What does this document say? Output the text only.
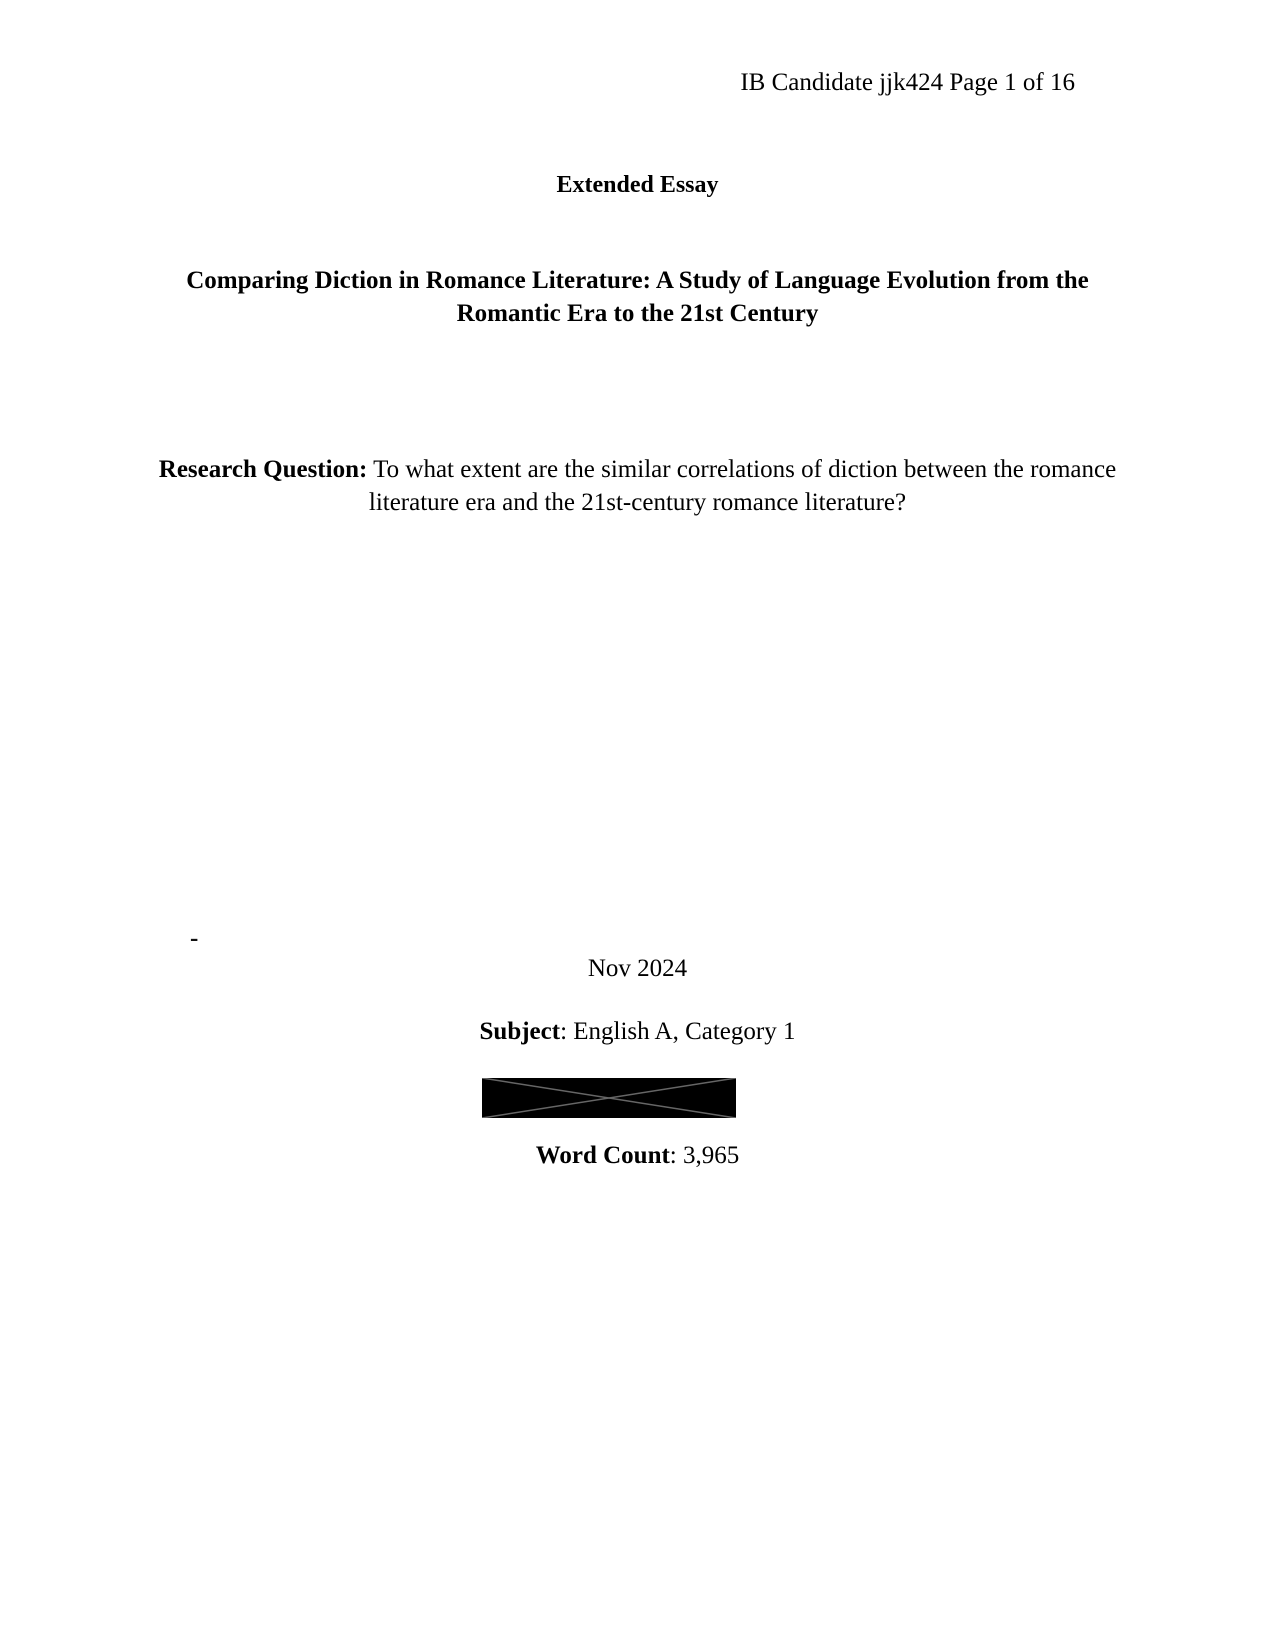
IB Candidate jjk424 Page 1 of 16
Extended Essay
Comparing Diction in Romance Literature: A Study of Language Evolution from the Romantic Era to the 21st Century
Research Question: To what extent are the similar correlations of diction between the romance literature era and the 21st-century romance literature?
-
Nov 2024
Subject: English A, Category 1
Word Count: 3,965
